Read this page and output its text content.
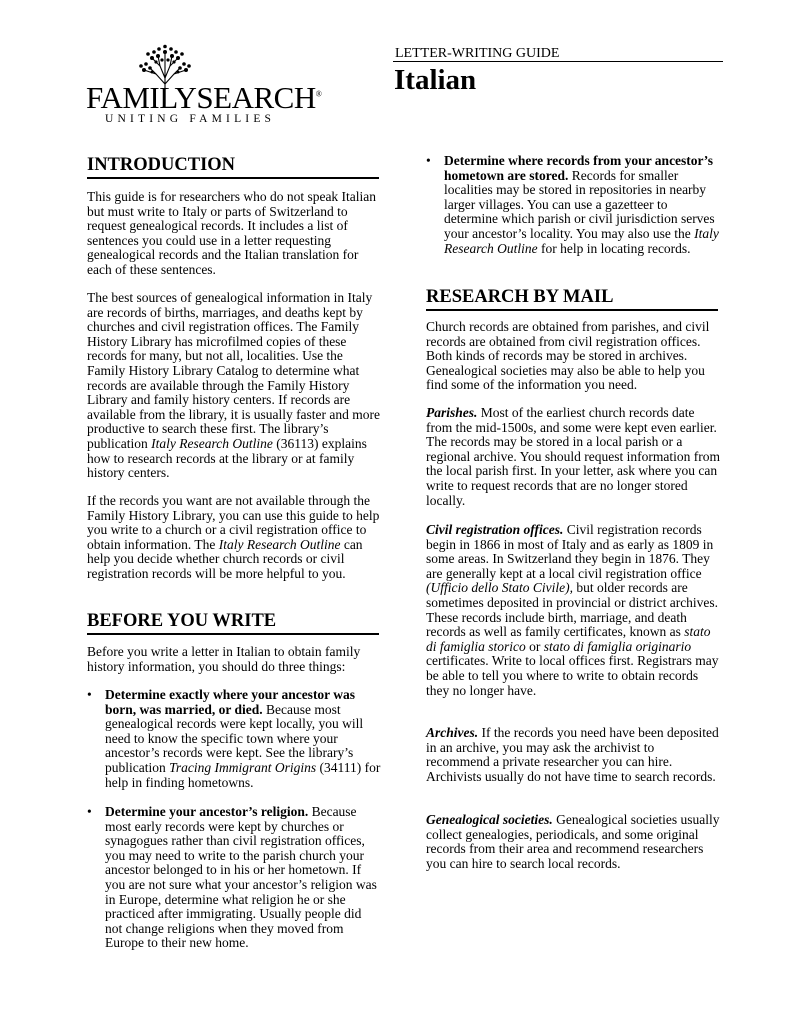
FAMILYSEARCH®
UNITING FAMILIES
LETTER-WRITING GUIDE
Italian
INTRODUCTION

This guide is for researchers who do not speak Italian but must write to Italy or parts of Switzerland to request genealogical records. It includes a list of sentences you could use in a letter requesting genealogical records and the Italian translation for each of these sentences.

The best sources of genealogical information in Italy are records of births, marriages, and deaths kept by churches and civil registration offices. The Family History Library has microfilmed copies of these records for many, but not all, localities. Use the Family History Library Catalog to determine what records are available through the Family History Library and family history centers. If records are available from the library, it is usually faster and more productive to search these first. The library’s publication Italy Research Outline (36113) explains how to research records at the library or at family history centers.

If the records you want are not available through the Family History Library, you can use this guide to help you write to a church or a civil registration office to obtain information. The Italy Research Outline can help you decide whether church records or civil registration records will be more helpful to you.

BEFORE YOU WRITE

Before you write a letter in Italian to obtain family history information, you should do three things:

• Determine exactly where your ancestor was born, was married, or died. Because most genealogical records were kept locally, you will need to know the specific town where your ancestor’s records were kept. See the library’s publication Tracing Immigrant Origins (34111) for help in finding hometowns.

• Determine your ancestor’s religion. Because most early records were kept by churches or synagogues rather than civil registration offices, you may need to write to the parish church your ancestor belonged to in his or her hometown. If you are not sure what your ancestor’s religion was in Europe, determine what religion he or she practiced after immigrating. Usually people did not change religions when they moved from Europe to their new home.

• Determine where records from your ancestor’s hometown are stored. Records for smaller localities may be stored in repositories in nearby larger villages. You can use a gazetteer to determine which parish or civil jurisdiction serves your ancestor’s locality. You may also use the Italy Research Outline for help in locating records.

RESEARCH BY MAIL

Church records are obtained from parishes, and civil records are obtained from civil registration offices. Both kinds of records may be stored in archives. Genealogical societies may also be able to help you find some of the information you need.

Parishes. Most of the earliest church records date from the mid-1500s, and some were kept even earlier. The records may be stored in a local parish or a regional archive. You should request information from the local parish first. In your letter, ask where you can write to request records that are no longer stored locally.

Civil registration offices. Civil registration records begin in 1866 in most of Italy and as early as 1809 in some areas. In Switzerland they begin in 1876. They are generally kept at a local civil registration office (Ufficio dello Stato Civile), but older records are sometimes deposited in provincial or district archives. These records include birth, marriage, and death records as well as family certificates, known as stato di famiglia storico or stato di famiglia originario certificates. Write to local offices first. Registrars may be able to tell you where to write to obtain records they no longer have.

Archives. If the records you need have been deposited in an archive, you may ask the archivist to recommend a private researcher you can hire. Archivists usually do not have time to search records.

Genealogical societies. Genealogical societies usually collect genealogies, periodicals, and some original records from their area and recommend researchers you can hire to search local records.
